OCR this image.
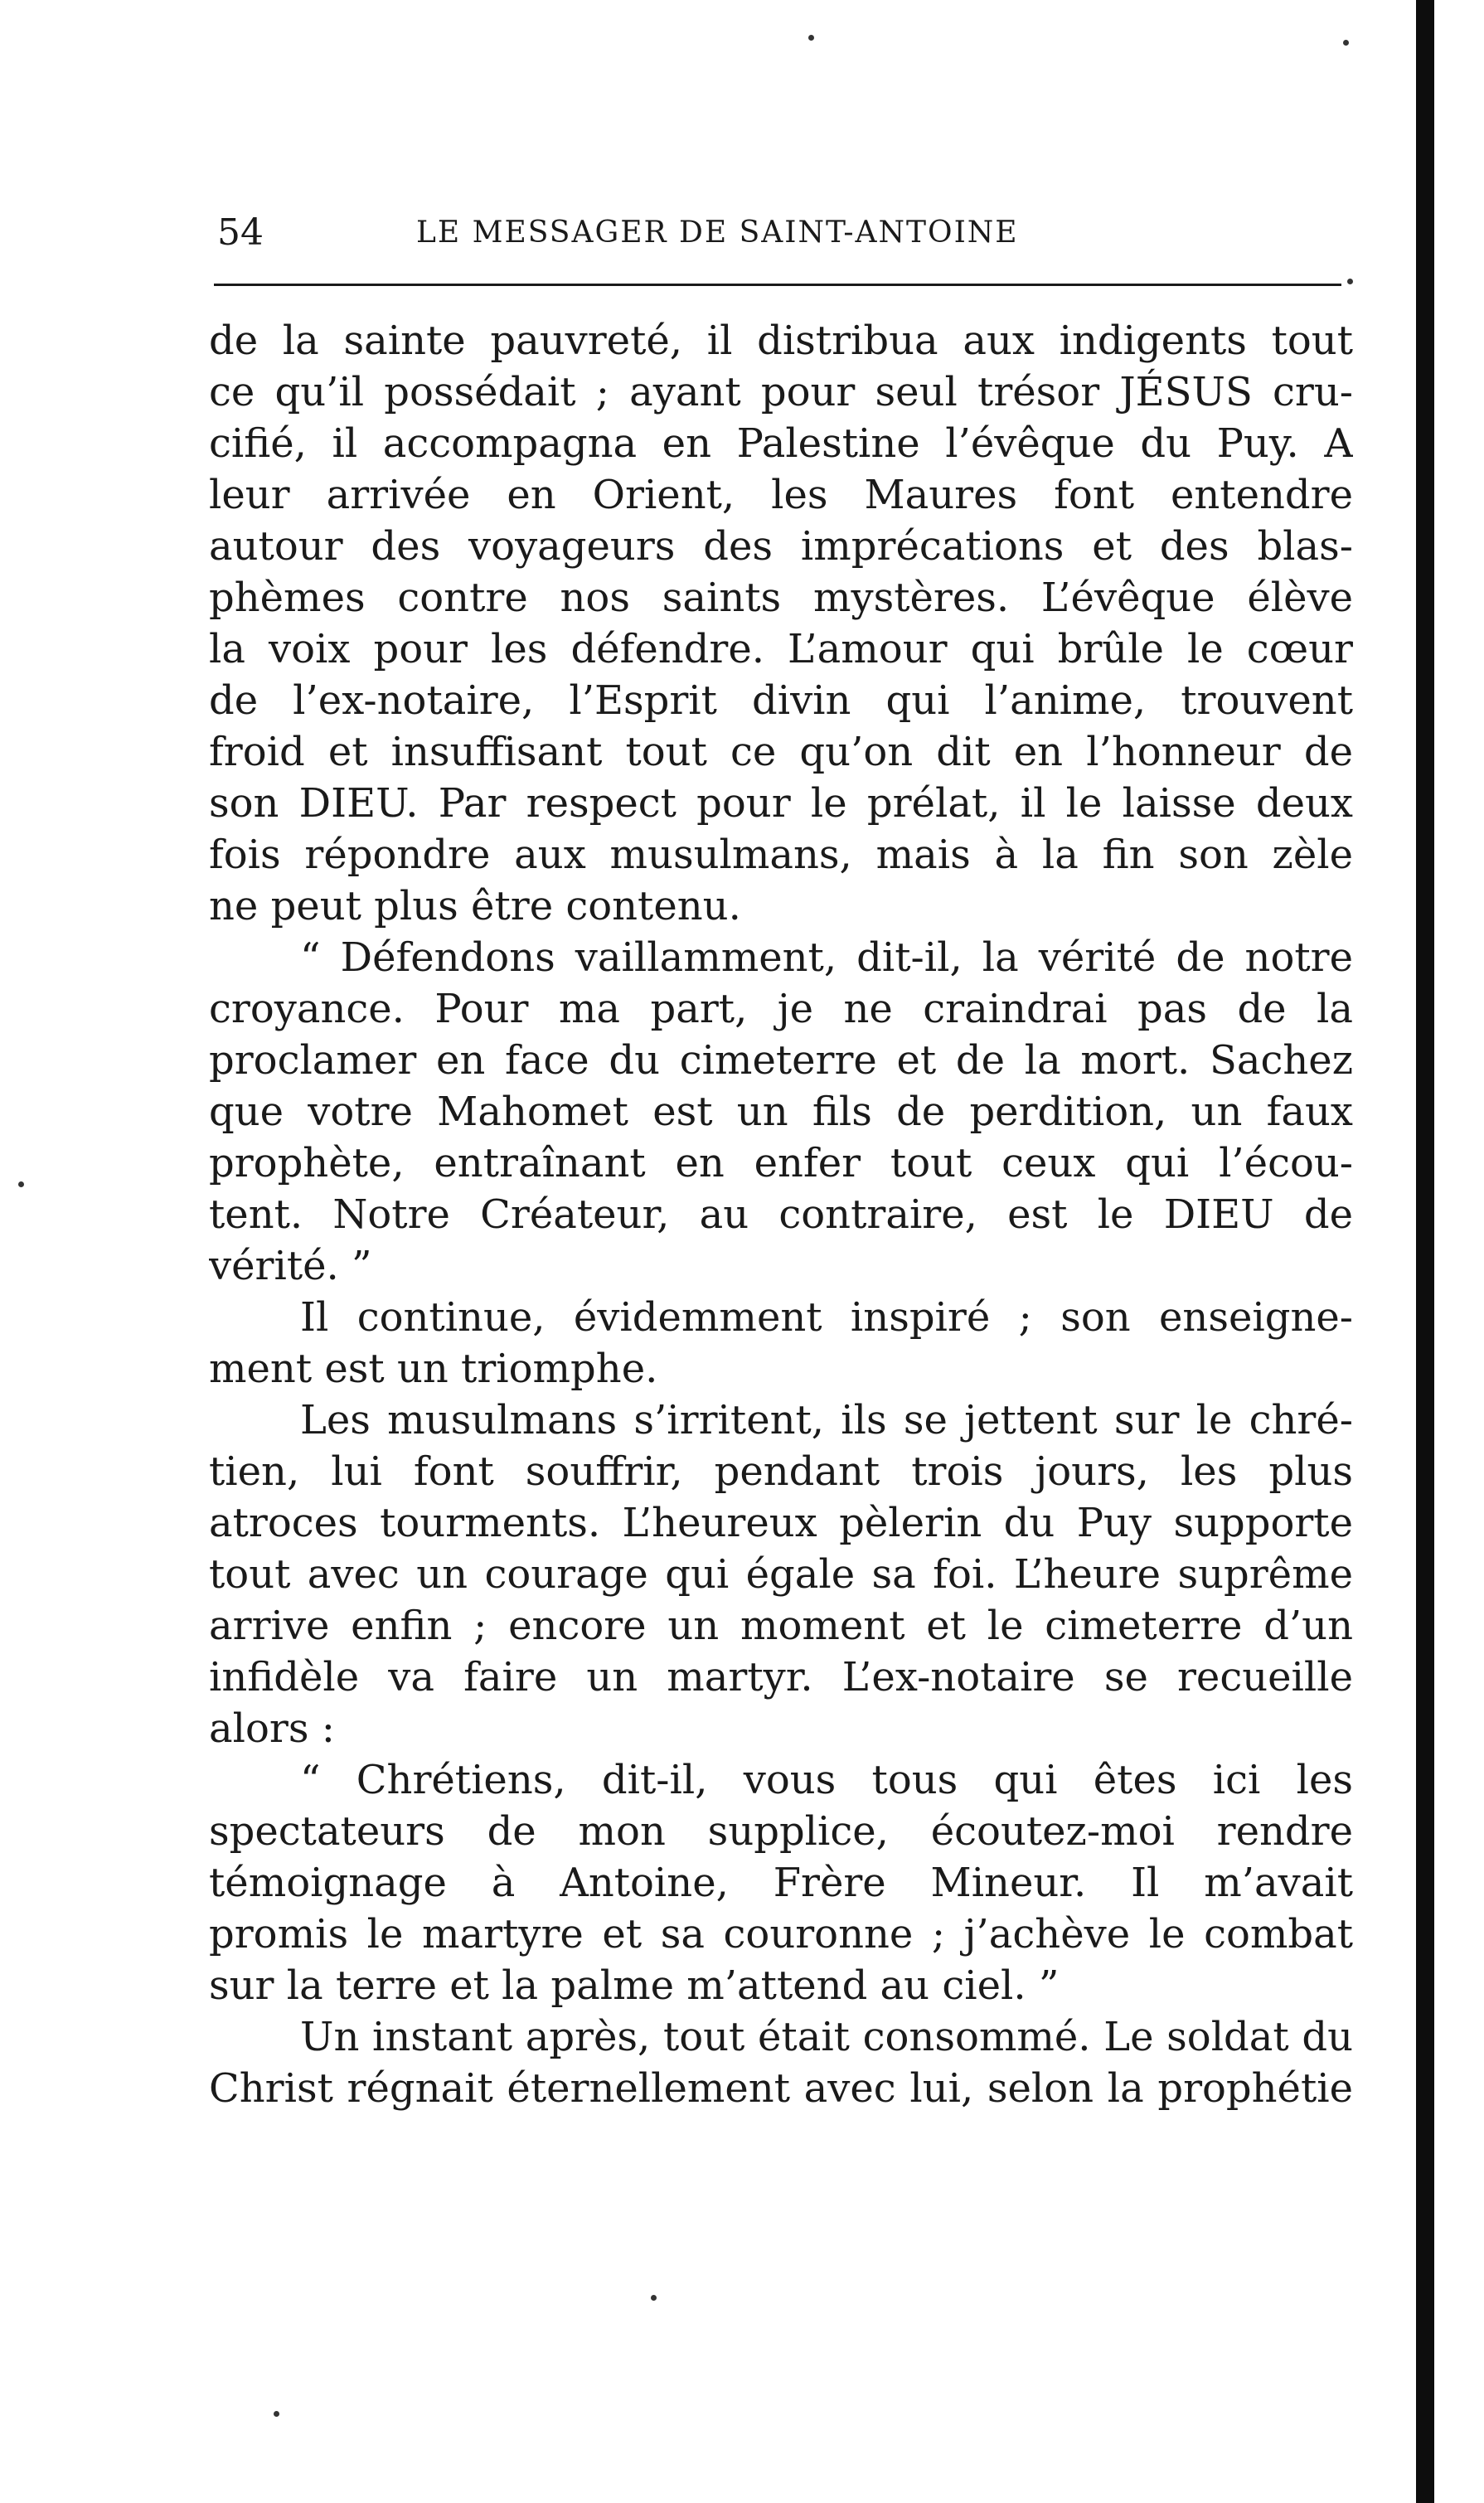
54	LE MESSAGER DE SAINT-ANTOINE
de la sainte pauvreté, il distribua aux indigents tout
ce qu’il possédait ; ayant pour seul trésor JÉSUS cru-
cifié, il accompagna en Palestine l’évêque du Puy. A
leur arrivée en Orient, les Maures font entendre
autour des voyageurs des imprécations et des blas-
phèmes contre nos saints mystères. L’évêque élève
la voix pour les défendre. L’amour qui brûle le cœur
de l’ex-notaire, l’Esprit divin qui l’anime, trouvent
froid et insuffisant tout ce qu’on dit en l’honneur de
son DIEU. Par respect pour le prélat, il le laisse deux
fois répondre aux musulmans, mais à la fin son zèle
ne peut plus être contenu.
“ Défendons vaillamment, dit-il, la vérité de notre
croyance. Pour ma part, je ne craindrai pas de la
proclamer en face du cimeterre et de la mort. Sachez
que votre Mahomet est un fils de perdition, un faux
prophète, entraînant en enfer tout ceux qui l’écou-
tent. Notre Créateur, au contraire, est le DIEU de
vérité. ”
Il continue, évidemment inspiré ; son enseigne-
ment est un triomphe.
Les musulmans s’irritent, ils se jettent sur le chré-
tien, lui font souffrir, pendant trois jours, les plus
atroces tourments. L’heureux pèlerin du Puy supporte
tout avec un courage qui égale sa foi. L’heure suprême
arrive enfin ; encore un moment et le cimeterre d’un
infidèle va faire un martyr. L’ex-notaire se recueille
alors :
“ Chrétiens, dit-il, vous tous qui êtes ici les
spectateurs de mon supplice, écoutez-moi rendre
témoignage à Antoine, Frère Mineur. Il m’avait
promis le martyre et sa couronne ; j’achève le combat
sur la terre et la palme m’attend au ciel. ”
Un instant après, tout était consommé. Le soldat du
Christ régnait éternellement avec lui, selon la prophétie
